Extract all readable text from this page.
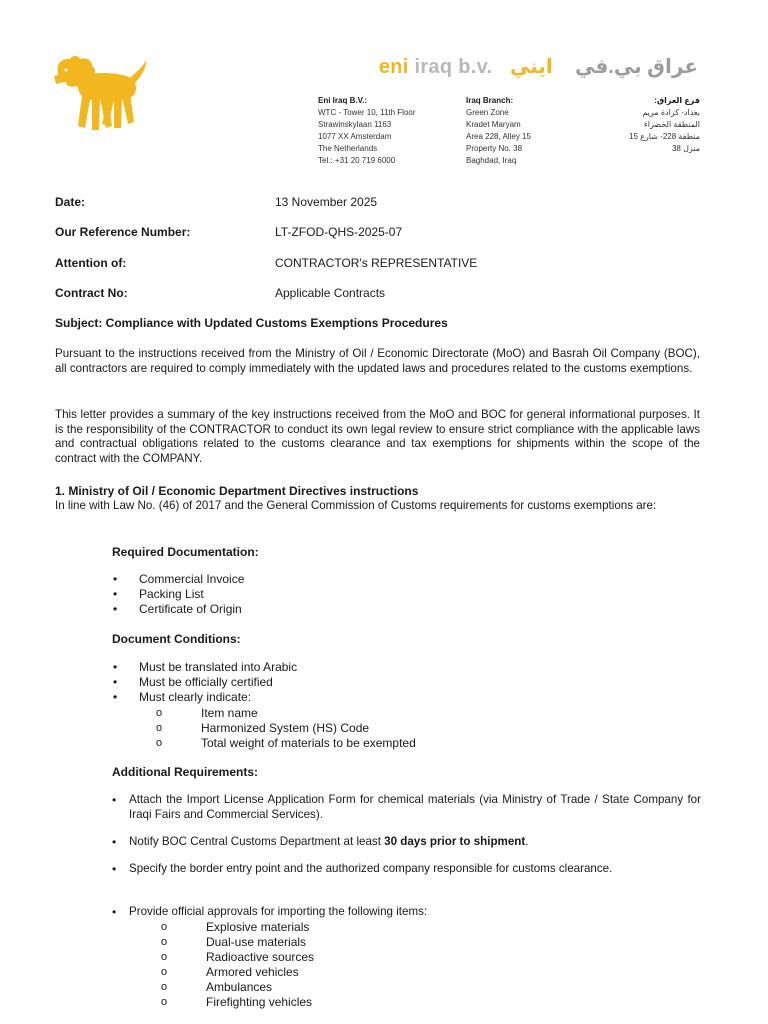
eni iraq b.v.	عراق بي.في    ايني
Eni Iraq B.V.:
WTC - Tower 10, 11th Floor
Strawinskylaan 1163
1077 XX Amsterdam
The Netherlands
Tel.: +31 20 719 6000
Iraq Branch:
Green Zone
Kradet Maryam
Area 228, Alley 15
Property No. 38
Baghdad, Iraq
فرع العراق:
بغداد- كرادة مريم
المنطقة الخضراء
منطقة 228- شارع 15
منزل 38
Date:	13 November 2025
Our Reference Number:	LT-ZFOD-QHS-2025-07
Attention of:	CONTRACTOR's REPRESENTATIVE
Contract No:	Applicable Contracts
Subject: Compliance with Updated Customs Exemptions Procedures

Pursuant to the instructions received from the Ministry of Oil / Economic Directorate (MoO) and Basrah Oil Company (BOC), all contractors are required to comply immediately with the updated laws and procedures related to the customs exemptions.

This letter provides a summary of the key instructions received from the MoO and BOC for general informational purposes. It is the responsibility of the CONTRACTOR to conduct its own legal review to ensure strict compliance with the applicable laws and contractual obligations related to the customs clearance and tax exemptions for shipments within the scope of the contract with the COMPANY.

1. Ministry of Oil / Economic Department Directives instructions

In line with Law No. (46) of 2017 and the General Commission of Customs requirements for customs exemptions are:

Required Documentation:
• Commercial Invoice
• Packing List
• Certificate of Origin
Document Conditions:
• Must be translated into Arabic
• Must be officially certified
• Must clearly indicate:
o Item name
o Harmonized System (HS) Code
o Total weight of materials to be exempted
Additional Requirements:
• Attach the Import License Application Form for chemical materials (via Ministry of Trade / State Company for Iraqi Fairs and Commercial Services).

• Notify BOC Central Customs Department at least 30 days prior to shipment.

• Specify the border entry point and the authorized company responsible for customs clearance.

• Provide official approvals for importing the following items:

o Explosive materials
o Dual-use materials
o Radioactive sources
o Armored vehicles
o Ambulances
o Firefighting vehicles
